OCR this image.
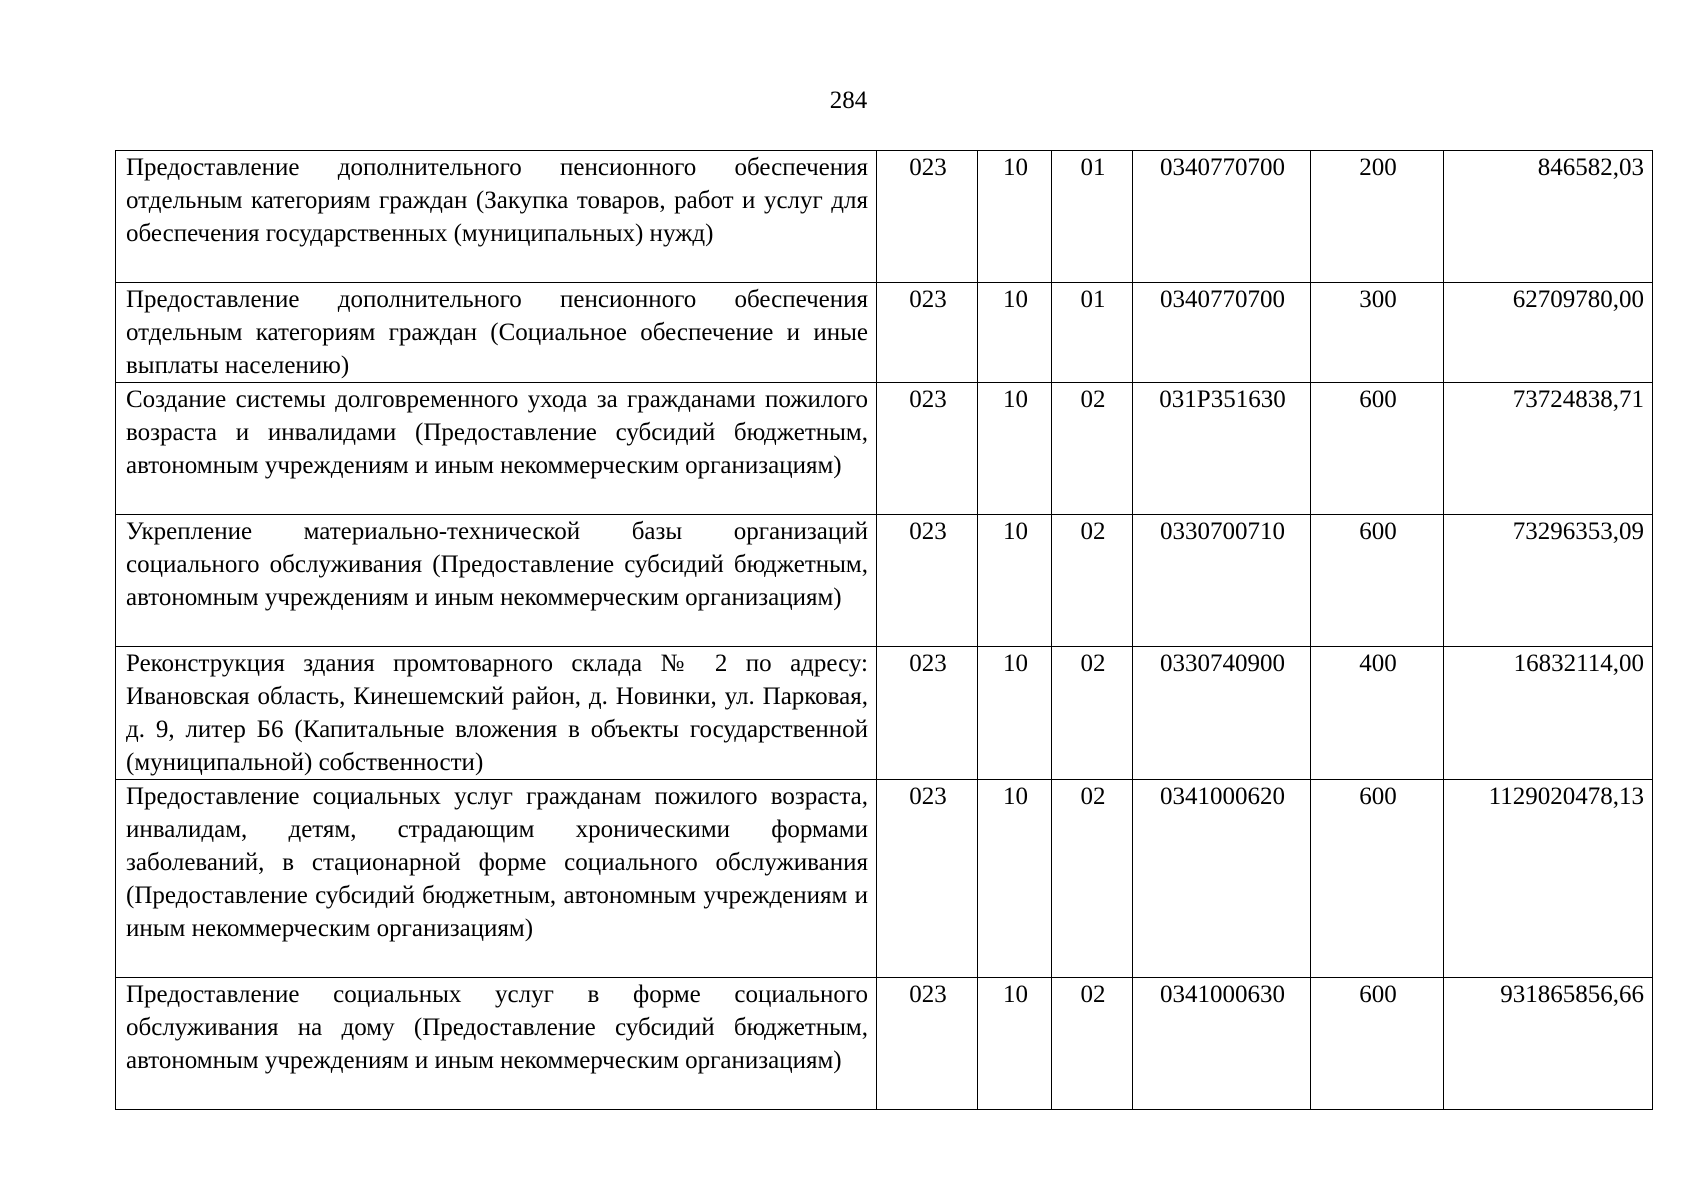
284
Предоставление дополнительного пенсионного обеспечения отдельным категориям граждан (Закупка товаров, работ и услуг для обеспечения государственных (муниципальных) нужд)	023	10	01	0340770700	200	846582,03
Предоставление дополнительного пенсионного обеспечения отдельным категориям граждан (Социальное обеспечение и иные выплаты населению)	023	10	01	0340770700	300	62709780,00
Создание системы долговременного ухода за гражданами пожилого возраста и инвалидами (Предоставление субсидий бюджетным, автономным учреждениям и иным некоммерческим организациям)	023	10	02	031P351630	600	73724838,71
Укрепление материально-технической базы организаций социального обслуживания (Предоставление субсидий бюджетным, автономным учреждениям и иным некоммерческим организациям)	023	10	02	0330700710	600	73296353,09
Реконструкция здания промтоварного склада № 2 по адресу: Ивановская область, Кинешемский район, д. Новинки, ул. Парковая, д. 9, литер Б6 (Капитальные вложения в объекты государственной (муниципальной) собственности)	023	10	02	0330740900	400	16832114,00
Предоставление социальных услуг гражданам пожилого возраста, инвалидам, детям, страдающим хроническими формами заболеваний, в стационарной форме социального обслуживания (Предоставление субсидий бюджетным, автономным учреждениям и иным некоммерческим организациям)	023	10	02	0341000620	600	1129020478,13
Предоставление социальных услуг в форме социального обслуживания на дому (Предоставление субсидий бюджетным, автономным учреждениям и иным некоммерческим организациям)	023	10	02	0341000630	600	931865856,66
